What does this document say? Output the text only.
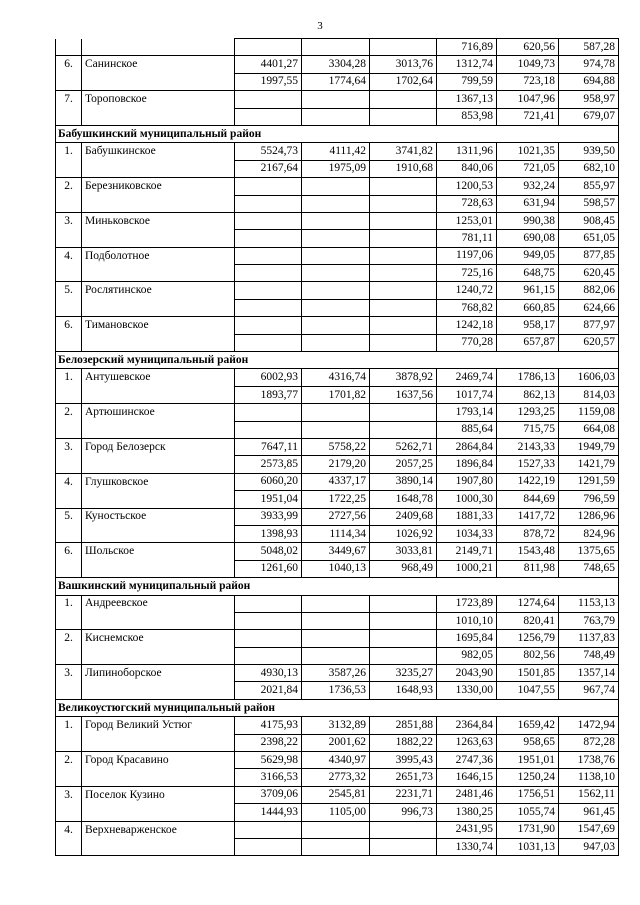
3
					716,89	620,56	587,28
6.	Санинское	4401,27	3304,28	3013,76	1312,74	1049,73	974,78
		1997,55	1774,64	1702,64	799,59	723,18	694,88
7.	Тороповское				1367,13	1047,96	958,97
					853,98	721,41	679,07
Бабушкинский муниципальный район							
1.	Бабушкинское	5524,73	4111,42	3741,82	1311,96	1021,35	939,50
		2167,64	1975,09	1910,68	840,06	721,05	682,10
2.	Березниковское				1200,53	932,24	855,97
					728,63	631,94	598,57
3.	Миньковское				1253,01	990,38	908,45
					781,11	690,08	651,05
4.	Подболотное				1197,06	949,05	877,85
					725,16	648,75	620,45
5.	Рослятинское				1240,72	961,15	882,06
					768,82	660,85	624,66
6.	Тимановское				1242,18	958,17	877,97
					770,28	657,87	620,57
Белозерский муниципальный район							
1.	Антушевское	6002,93	4316,74	3878,92	2469,74	1786,13	1606,03
		1893,77	1701,82	1637,56	1017,74	862,13	814,03
2.	Артюшинское				1793,14	1293,25	1159,08
					885,64	715,75	664,08
3.	Город Белозерск	7647,11	5758,22	5262,71	2864,84	2143,33	1949,79
		2573,85	2179,20	2057,25	1896,84	1527,33	1421,79
4.	Глушковское	6060,20	4337,17	3890,14	1907,80	1422,19	1291,59
		1951,04	1722,25	1648,78	1000,30	844,69	796,59
5.	Куностьское	3933,99	2727,56	2409,68	1881,33	1417,72	1286,96
		1398,93	1114,34	1026,92	1034,33	878,72	824,96
6.	Шольское	5048,02	3449,67	3033,81	2149,71	1543,48	1375,65
		1261,60	1040,13	968,49	1000,21	811,98	748,65
Вашкинский муниципальный район							
1.	Андреевское				1723,89	1274,64	1153,13
					1010,10	820,41	763,79
2.	Киснемское				1695,84	1256,79	1137,83
					982,05	802,56	748,49
3.	Липиноборское	4930,13	3587,26	3235,27	2043,90	1501,85	1357,14
		2021,84	1736,53	1648,93	1330,00	1047,55	967,74
Великоустюгский муниципальный район							
1.	Город Великий Устюг	4175,93	3132,89	2851,88	2364,84	1659,42	1472,94
		2398,22	2001,62	1882,22	1263,63	958,65	872,28
2.	Город Красавино	5629,98	4340,97	3995,43	2747,36	1951,01	1738,76
		3166,53	2773,32	2651,73	1646,15	1250,24	1138,10
3.	Поселок Кузино	3709,06	2545,81	2231,71	2481,46	1756,51	1562,11
		1444,93	1105,00	996,73	1380,25	1055,74	961,45
4.	Верхневарженское				2431,95	1731,90	1547,69
					1330,74	1031,13	947,03
